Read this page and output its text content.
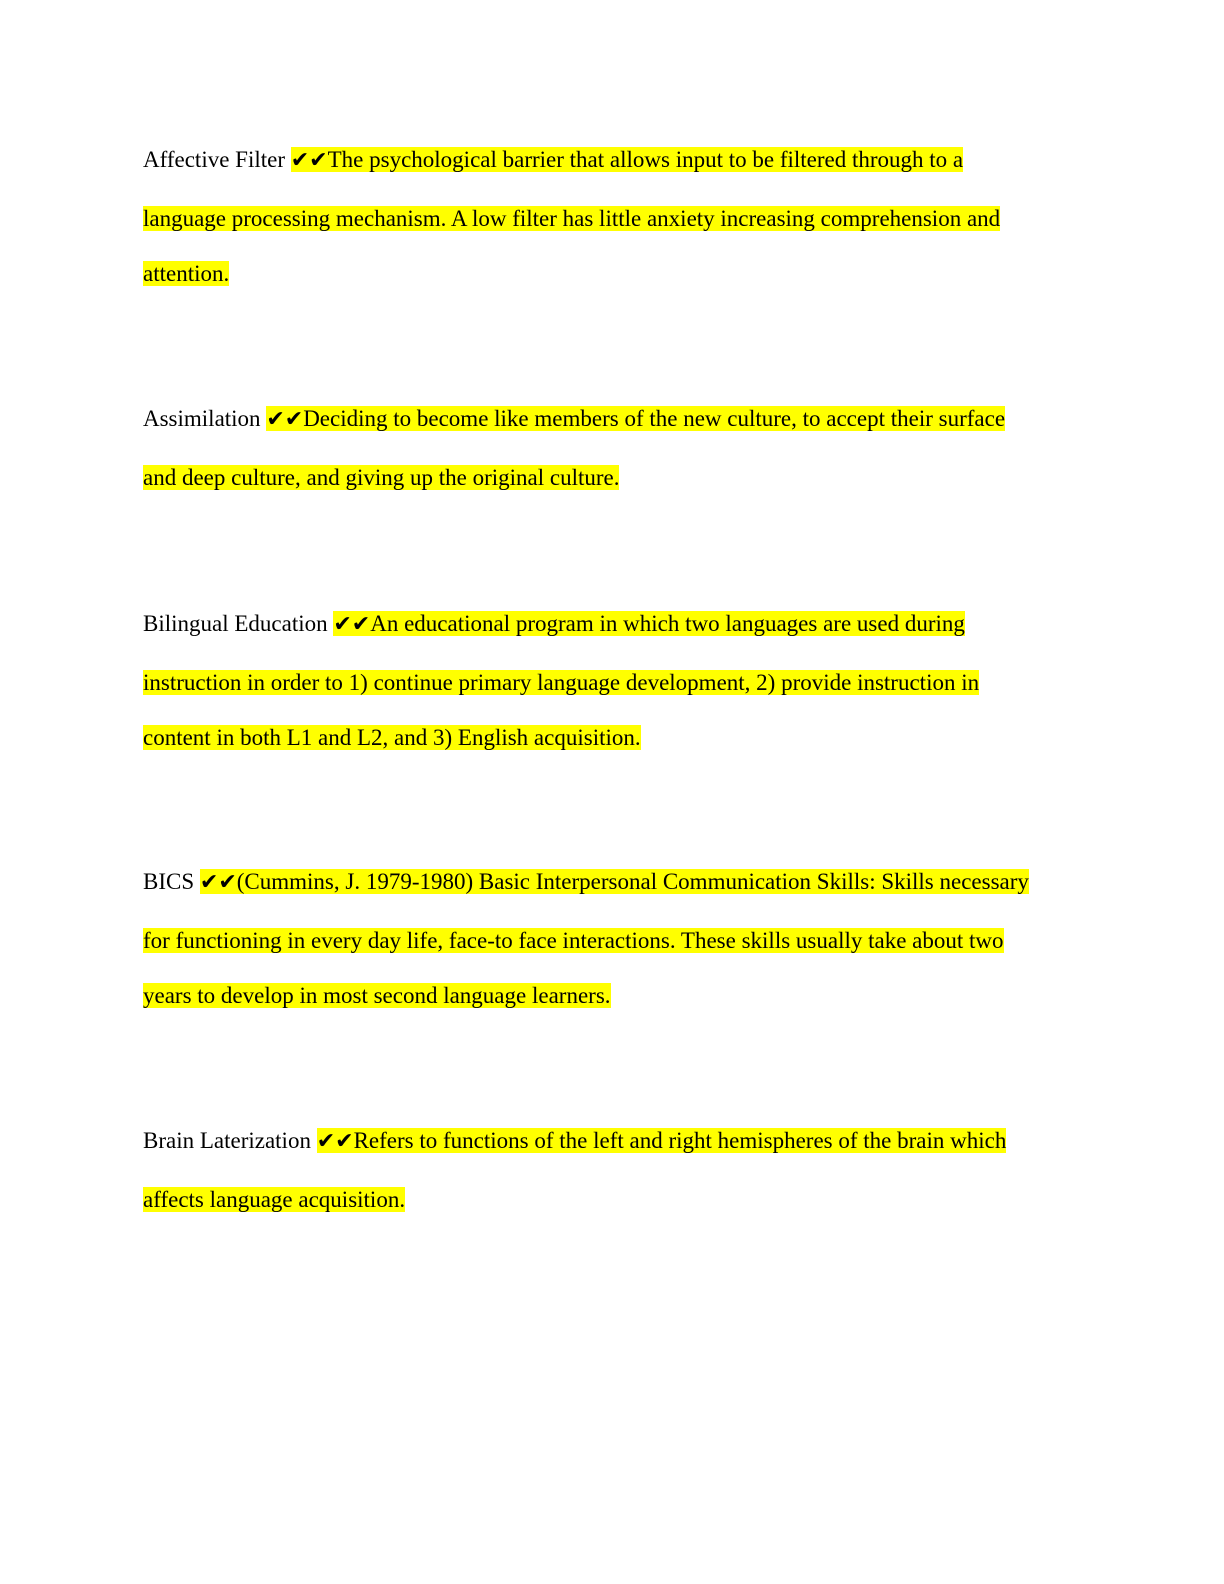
Affective Filter ✔✔The psychological barrier that allows input to be filtered through to a
language processing mechanism. A low filter has little anxiety increasing comprehension and
attention.
Assimilation ✔✔Deciding to become like members of the new culture, to accept their surface
and deep culture, and giving up the original culture.
Bilingual Education ✔✔An educational program in which two languages are used during
instruction in order to 1) continue primary language development, 2) provide instruction in
content in both L1 and L2, and 3) English acquisition.
BICS ✔✔(Cummins, J. 1979-1980) Basic Interpersonal Communication Skills: Skills necessary
for functioning in every day life, face-to face interactions. These skills usually take about two
years to develop in most second language learners.
Brain Laterization ✔✔Refers to functions of the left and right hemispheres of the brain which
affects language acquisition.
